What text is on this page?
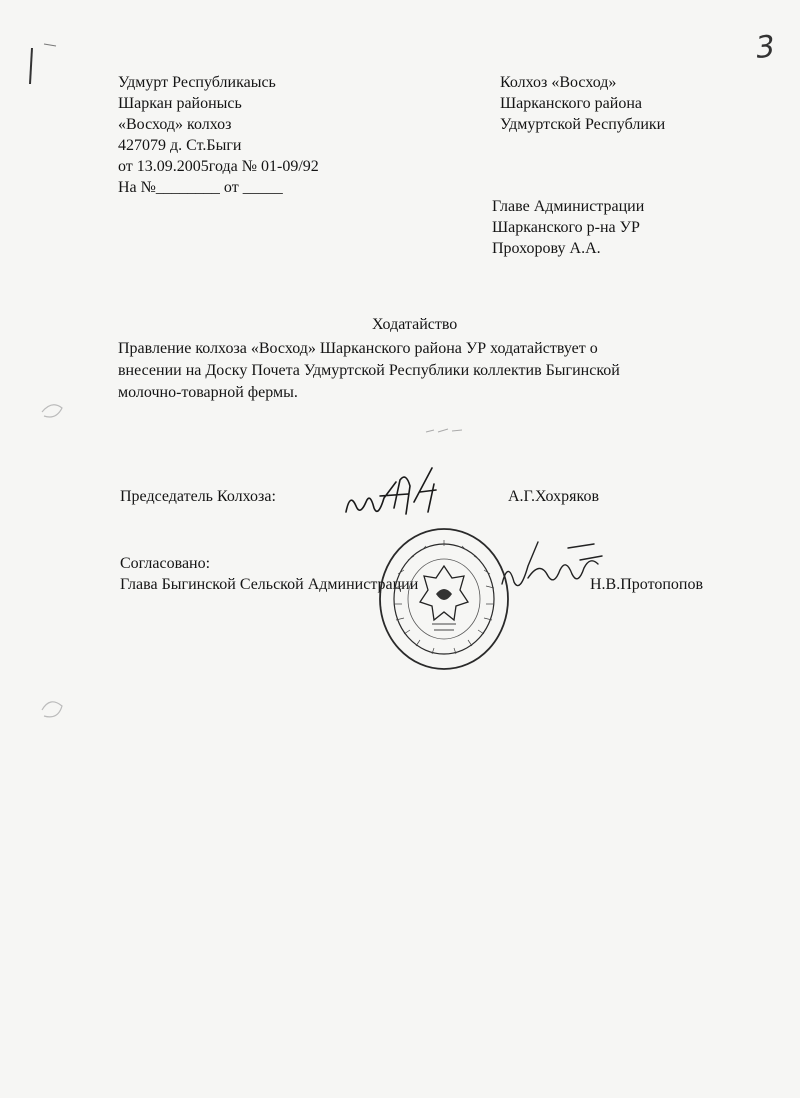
3
Удмурт Республикаысь
Шаркан районысь
«Восход» колхоз
427079 д. Ст.Быги
от 13.09.2005года № 01-09/92
На №________ от _____
Колхоз «Восход»
Шарканского района
Удмуртской Республики
Главе Администрации
Шарканского р-на УР
Прохорову А.А.
Ходатайство
Правление колхоза «Восход» Шарканского района УР ходатайствует о
внесении на Доску Почета Удмуртской Республики коллектив Быгинской
молочно-товарной фермы.
Председатель Колхоза:	А.Г.Хохряков
Согласовано:
Глава Быгинской Сельской Администрации	Н.В.Протопопов
